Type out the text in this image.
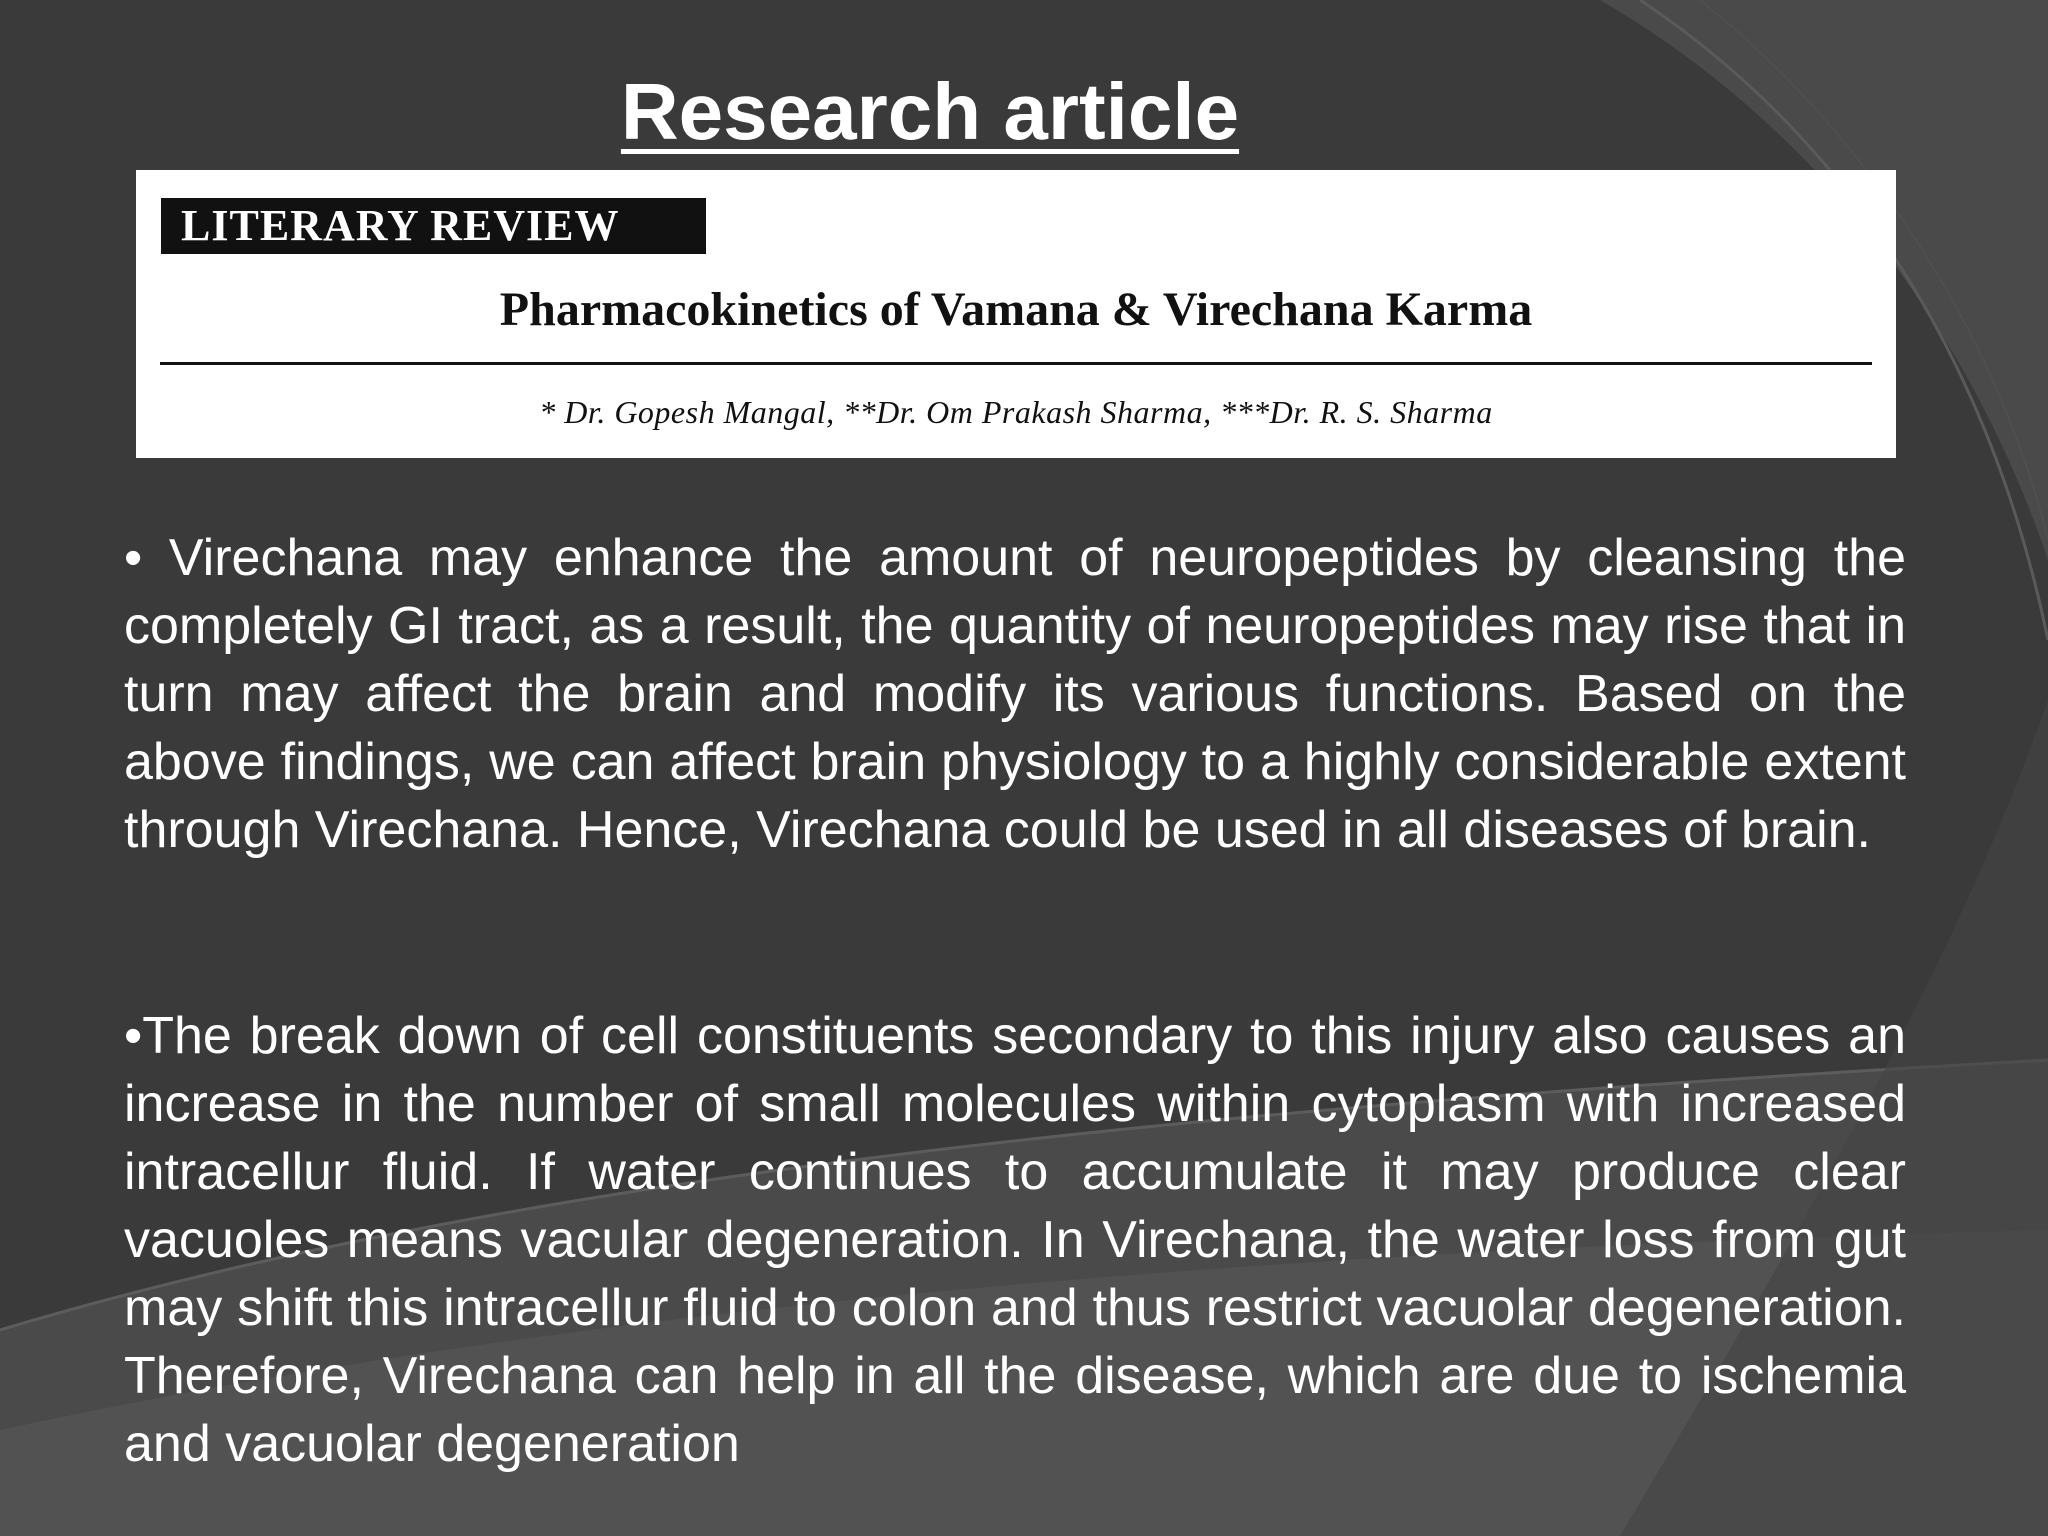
Research article
LITERARY REVIEW
Pharmacokinetics of Vamana & Virechana Karma
* Dr. Gopesh Mangal, **Dr. Om Prakash Sharma, ***Dr. R. S. Sharma

• Virechana may enhance the amount of neuropeptides by cleansing the completely GI tract, as a result, the quantity of neuropeptides may rise that in turn may affect the brain and modify its various functions. Based on the above findings, we can affect brain physiology to a highly considerable extent through Virechana. Hence, Virechana could be used in all diseases of brain.

•The break down of cell constituents secondary to this injury also causes an increase in the number of small molecules within cytoplasm with increased intracellur fluid. If water continues to accumulate it may produce clear vacuoles means vacular degeneration. In Virechana, the water loss from gut may shift this intracellur fluid to colon and thus restrict vacuolar degeneration. Therefore, Virechana can help in all the disease, which are due to ischemia and vacuolar degeneration
